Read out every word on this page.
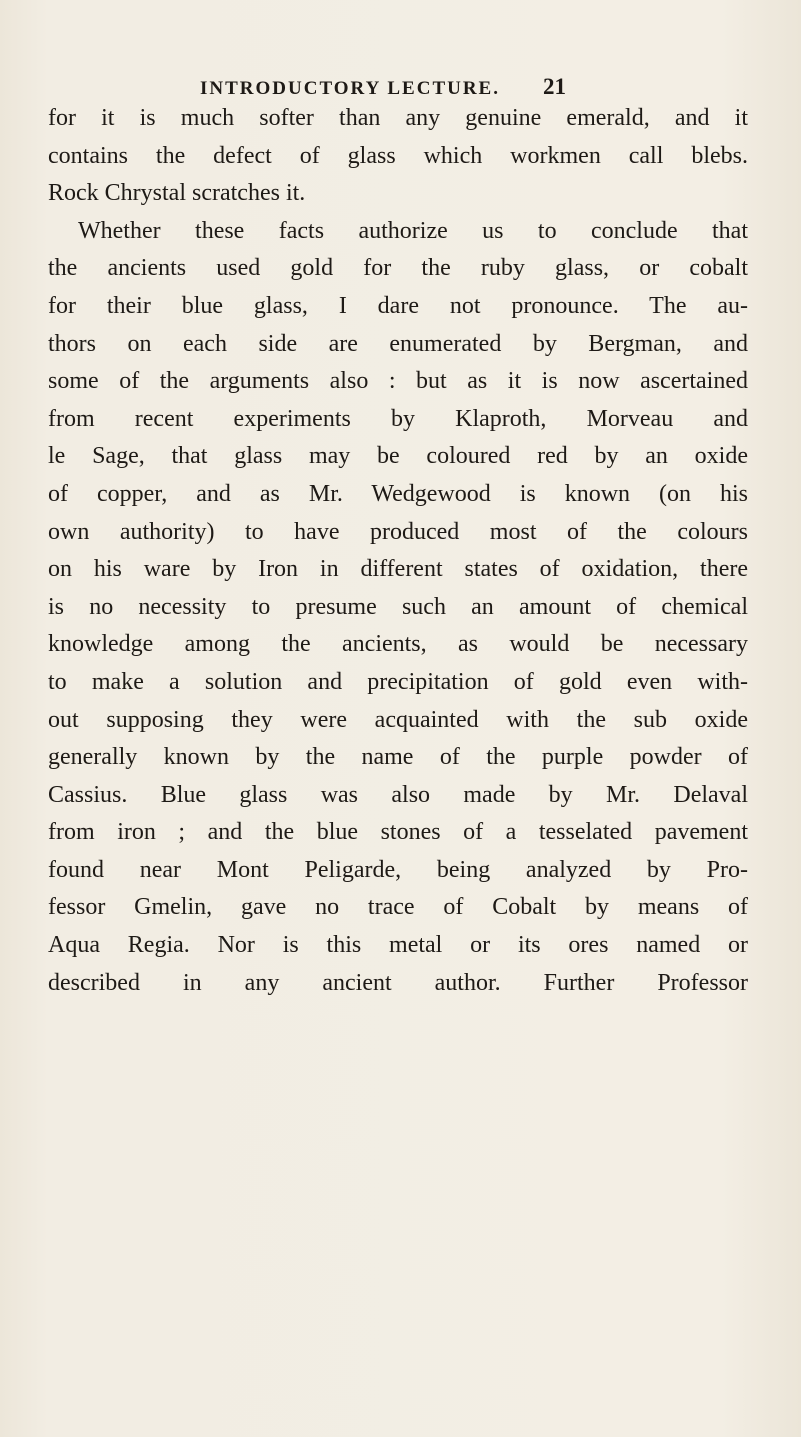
INTRODUCTORY LECTURE.	21
for it is much softer than any genuine emerald, and it
contains the defect of glass which workmen call blebs.
Rock Chrystal scratches it.
Whether these facts authorize us to conclude that
the ancients used gold for the ruby glass, or cobalt
for their blue glass, I dare not pronounce. The au-
thors on each side are enumerated by Bergman, and
some of the arguments also : but as it is now ascertained
from recent experiments by Klaproth, Morveau and
le Sage, that glass may be coloured red by an oxide
of copper, and as Mr. Wedgewood is known (on his
own authority) to have produced most of the colours
on his ware by Iron in different states of oxidation, there
is no necessity to presume such an amount of chemical
knowledge among the ancients, as would be necessary
to make a solution and precipitation of gold even with-
out supposing they were acquainted with the sub oxide
generally known by the name of the purple powder of
Cassius. Blue glass was also made by Mr. Delaval
from iron ; and the blue stones of a tesselated pavement
found near Mont Peligarde, being analyzed by Pro-
fessor Gmelin, gave no trace of Cobalt by means of
Aqua Regia. Nor is this metal or its ores named or
described in any ancient author. Further Professor
